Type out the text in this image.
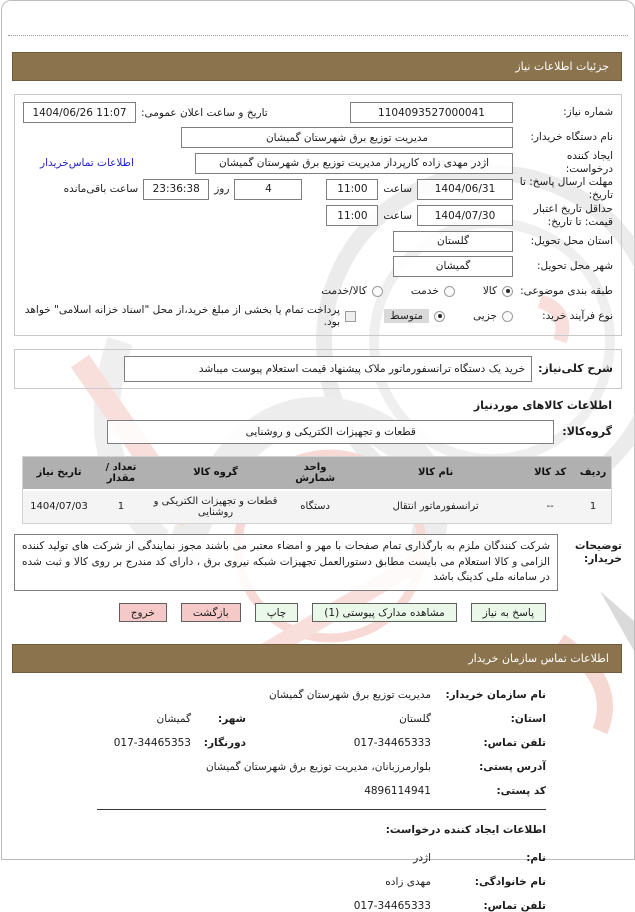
جزئیات اطلاعات نیاز
شماره نیاز:
1104093527000041
تاریخ و ساعت اعلان عمومی:
1404/06/26 11:07
نام دستگاه خریدار:
مدیریت توزیع برق شهرستان گمیشان
ایجاد کننده درخواست:
اژدر مهدی زاده کارپرداز مدیریت توزیع برق شهرستان گمیشان
اطلاعات تماس‌خریدار
مهلت ارسال پاسخ: تا تاریخ:
1404/06/31
ساعت
11:00
4
روز
23:36:38
ساعت باقی‌مانده
حداقل تاریخ اعتبار قیمت: تا تاریخ:
1404/07/30
ساعت
11:00
استان محل تحویل:
گلستان
شهر محل تحویل:
گمیشان
طبقه بندی موضوعی:
کالا
خدمت
کالا/خدمت
نوع فرآیند خرید:
جزیی
متوسط
پرداخت تمام یا بخشی از مبلغ خرید،از محل "اسناد خزانه اسلامی" خواهد بود.
شرح کلی‌نیاز:
خرید یک دستگاه ترانسفورماتور ملاک پیشنهاد قیمت استعلام پیوست میباشد
اطلاعات کالاهای موردنیاز
گروه‌کالا:
قطعات و تجهیزات الکتریکی و روشنایی
ردیف	کد کالا	نام کالا	واحد شمارش	گروه کالا	تعداد / مقدار	تاریخ نیاز
1	--	ترانسفورماتور انتقال	دستگاه	قطعات و تجهیزات الکتریکی و روشنایی	1	1404/07/03
توضیحات خریدار:
شرکت کنندگان ملزم به بارگذاری تمام صفحات با مهر و امضاء معتبر می باشند مجوز نمایندگی از شرکت های تولید کننده الزامی و کالا استعلام می بایست مطابق دستورالعمل تجهیزات شبکه نیروی برق ، دارای کد مندرج بر روی کالا و ثبت شده در سامانه ملی کدینگ باشد
پاسخ به نیاز
مشاهده مدارک پیوستی (1)
چاپ
بازگشت
خروج
اطلاعات تماس سازمان خریدار
نام سازمان خریدار:
مدیریت توزیع برق شهرستان گمیشان
استان:
گلستان
شهر:
گمیشان
تلفن تماس:
017-34465333
دورنگار:
017-34465353
آدرس پستی:
بلوارمرزبانان، مدیریت توزیع برق شهرستان گمیشان
کد پستی:
4896114941
اطلاعات ایجاد کننده درخواست:
نام:
اژدر
نام خانوادگی:
مهدی زاده
تلفن تماس:
017-34465333
